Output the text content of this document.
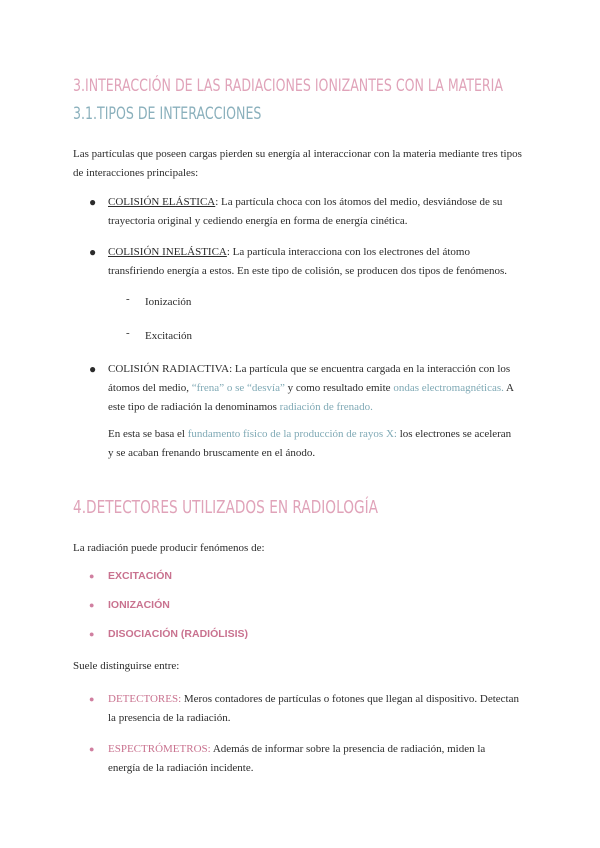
3.INTERACCIÓN DE LAS RADIACIONES IONIZANTES CON LA MATERIA
3.1.TIPOS DE INTERACCIONES

Las partículas que poseen cargas pierden su energía al interaccionar con la materia mediante tres tipos de interacciones principales:

● COLISIÓN ELÁSTICA: La partícula choca con los átomos del medio, desviándose de su trayectoria original y cediendo energía en forma de energía cinética.

● COLISIÓN INELÁSTICA: La partícula interacciona con los electrones del átomo transfiriendo energía a estos. En este tipo de colisión, se producen dos tipos de fenómenos.

- Ionización
- Excitación
● COLISIÓN RADIACTIVA: La partícula que se encuentra cargada en la interacción con los átomos del medio, “frena” o se “desvía” y como resultado emite ondas electromagnéticas. A este tipo de radiación la denominamos radiación de frenado.

En esta se basa el fundamento físico de la producción de rayos X: los electrones se aceleran y se acaban frenando bruscamente en el ánodo.

4.DETECTORES UTILIZADOS EN RADIOLOGÍA

La radiación puede producir fenómenos de:

● EXCITACIÓN
● IONIZACIÓN
● DISOCIACIÓN (RADIÓLISIS)

Suele distinguirse entre:

● DETECTORES: Meros contadores de partículas o fotones que llegan al dispositivo. Detectan la presencia de la radiación.

● ESPECTRÓMETROS: Además de informar sobre la presencia de radiación, miden la energía de la radiación incidente.
